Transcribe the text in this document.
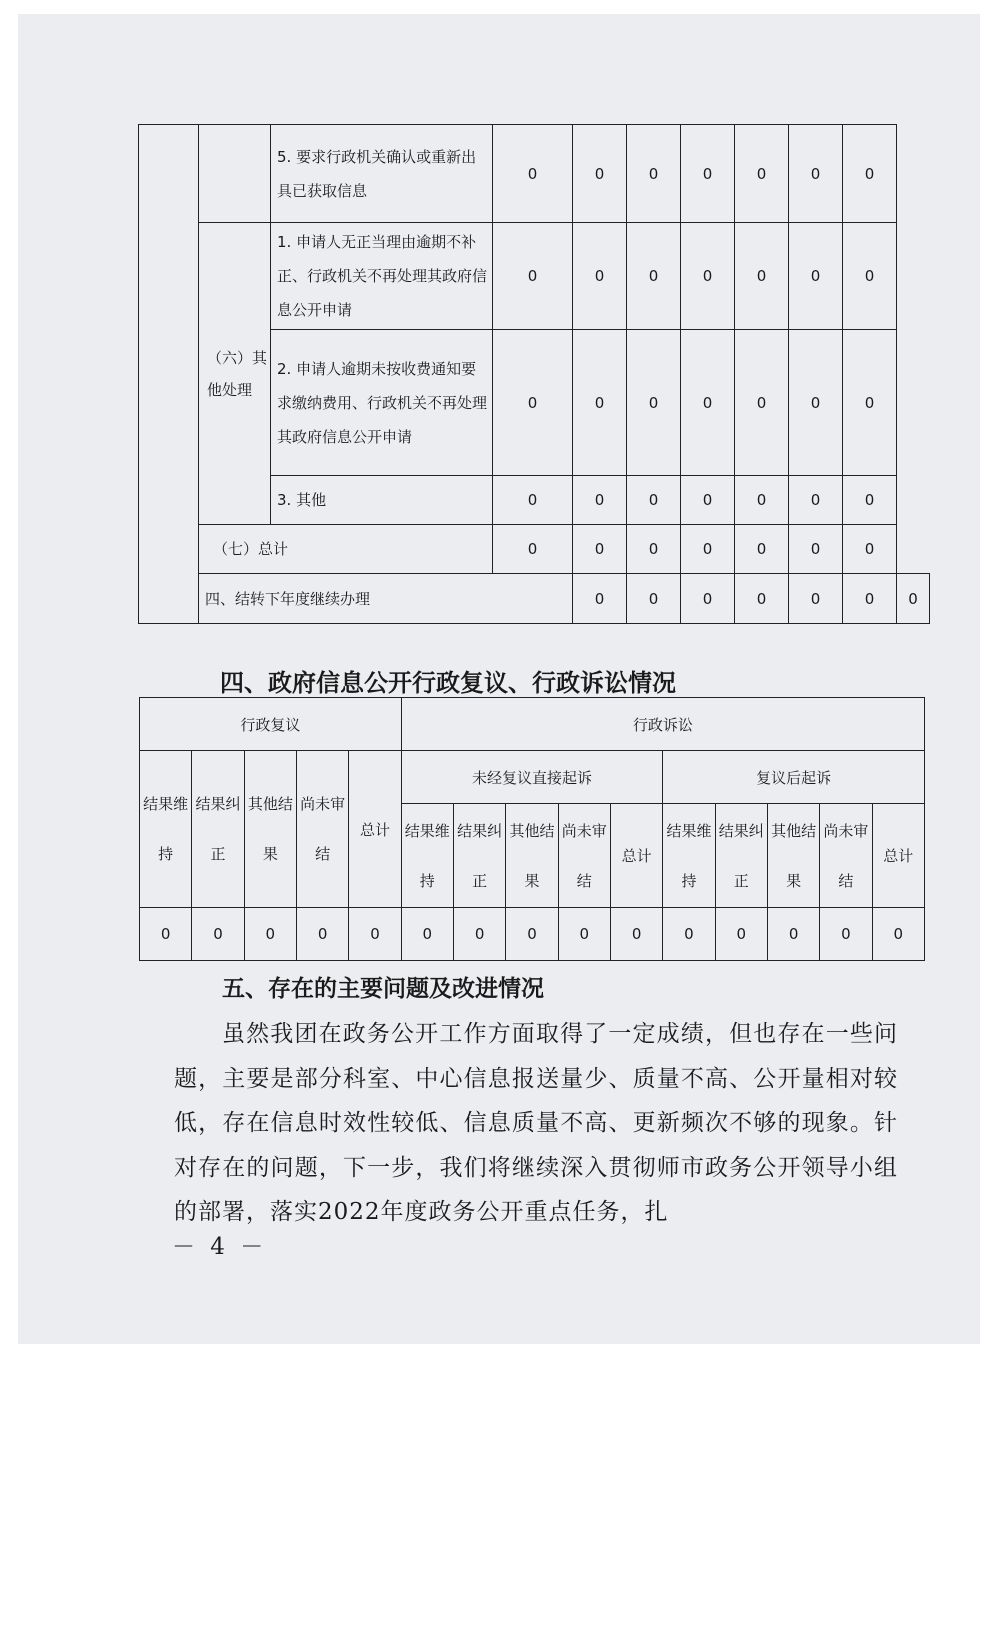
		5. 要求行政机关确认或重新出具已获取信息	0	0	0	0	0	0	0	
	（六）其他处理	1. 申请人无正当理由逾期不补正、行政机关不再处理其政府信息公开申请	0	0	0	0	0	0	0	
		2. 申请人逾期未按收费通知要求缴纳费用、行政机关不再处理其政府信息公开申请	0	0	0	0	0	0	0	
		3. 其他	0	0	0	0	0	0	0	
	（七）总计		0	0	0	0	0	0	0	
	四、结转下年度继续办理			0	0	0	0	0	0	0
四、政府信息公开行政复议、行政诉讼情况
行政复议					行政诉讼									
结果维持	结果纠正	其他结果	尚未审结	总计	未经复议直接起诉					复议后起诉				
					结果维持	结果纠正	其他结果	尚未审结	总计	结果维持	结果纠正	其他结果	尚未审结	总计
0	0	0	0	0	0	0	0	0	0	0	0	0	0	0
五、存在的主要问题及改进情况

虽然我团在政务公开工作方面取得了一定成绩，但也存在一些问题，主要是部分科室、中心信息报送量少、质量不高、公开量相对较低，存在信息时效性较低、信息质量不高、更新频次不够的现象。针对存在的问题，下一步，我们将继续深入贯彻师市政务公开领导小组的部署，落实2022年度政务公开重点任务，扎

－ 4 －
